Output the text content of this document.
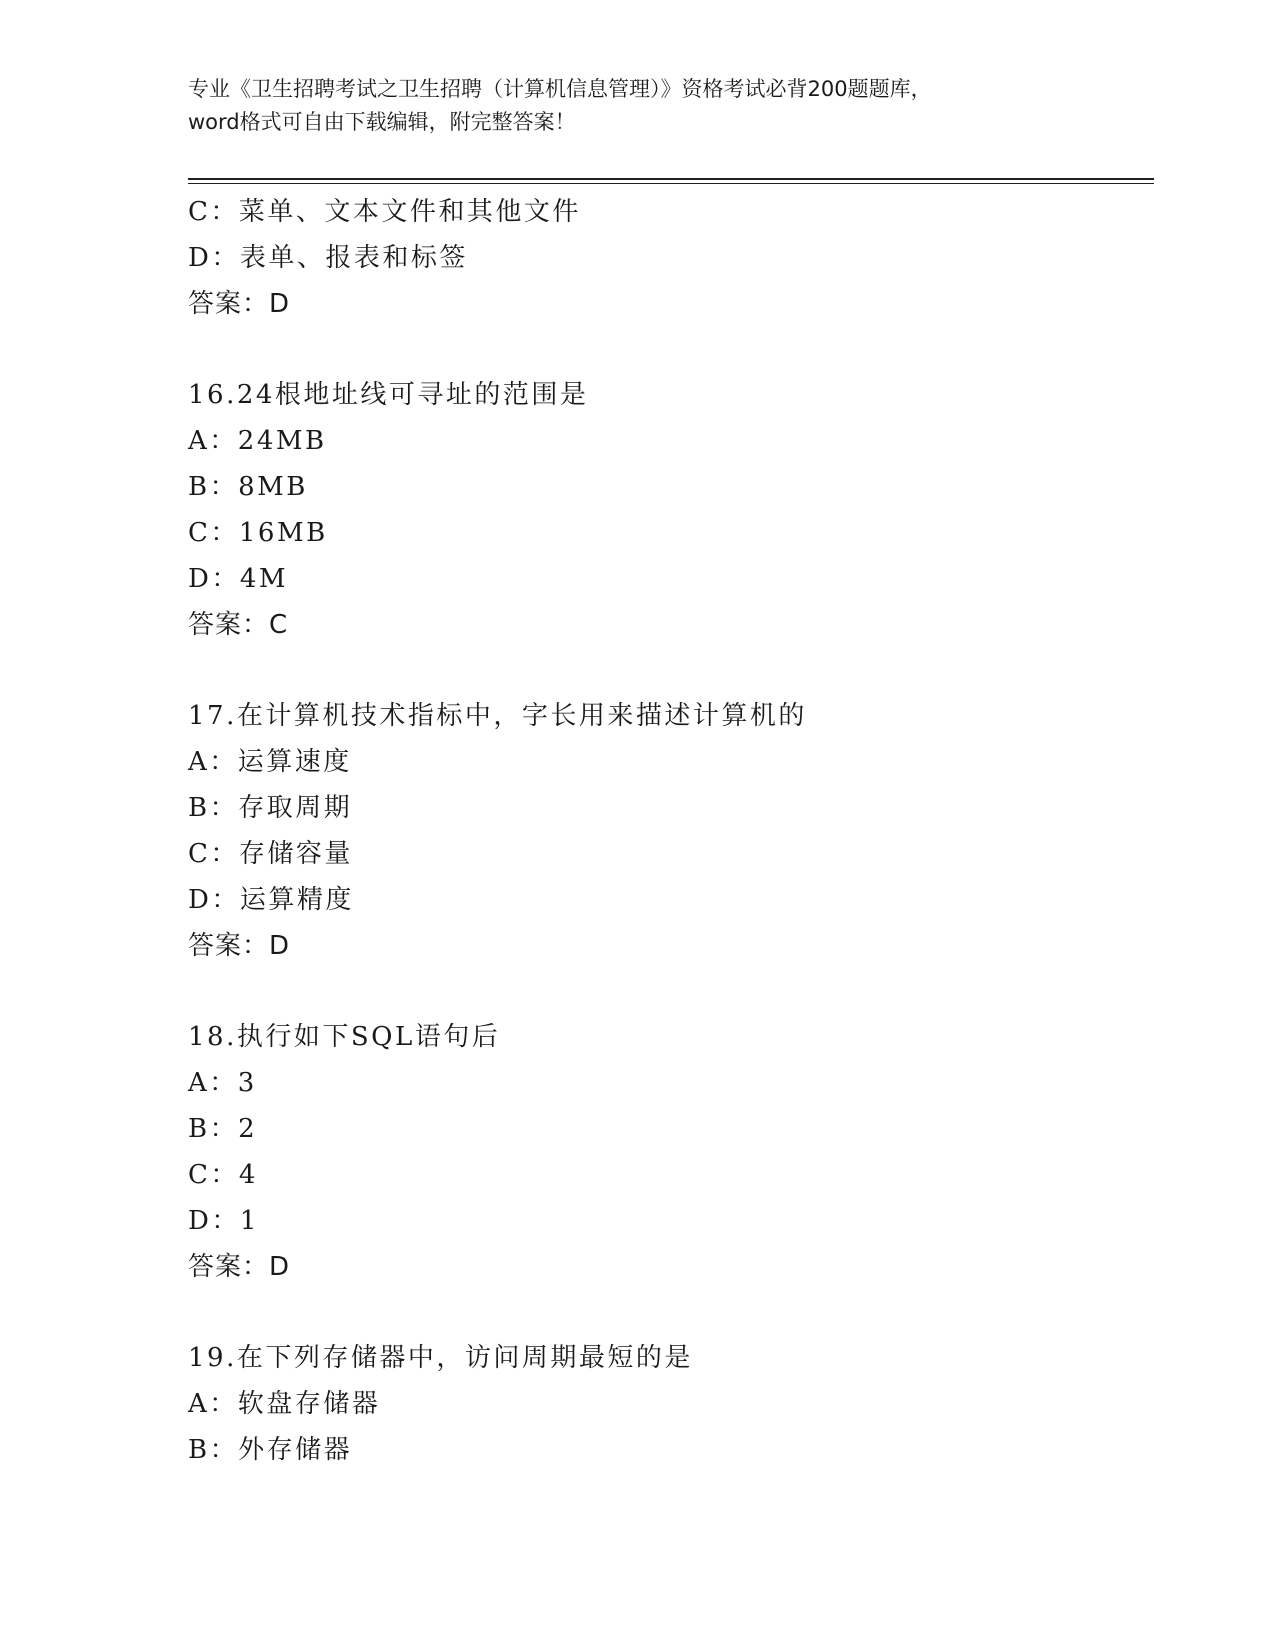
专业《卫生招聘考试之卫生招聘（计算机信息管理）》资格考试必背200题题库，
word格式可自由下载编辑，附完整答案！
C：菜单、文本文件和其他文件
D：表单、报表和标签
答案：D
16.24根地址线可寻址的范围是
A：24MB
B：8MB
C：16MB
D：4M
答案：C
17.在计算机技术指标中，字长用来描述计算机的
A：运算速度
B：存取周期
C：存储容量
D：运算精度
答案：D
18.执行如下SQL语句后
A：3
B：2
C：4
D：1
答案：D
19.在下列存储器中，访问周期最短的是
A：软盘存储器
B：外存储器
